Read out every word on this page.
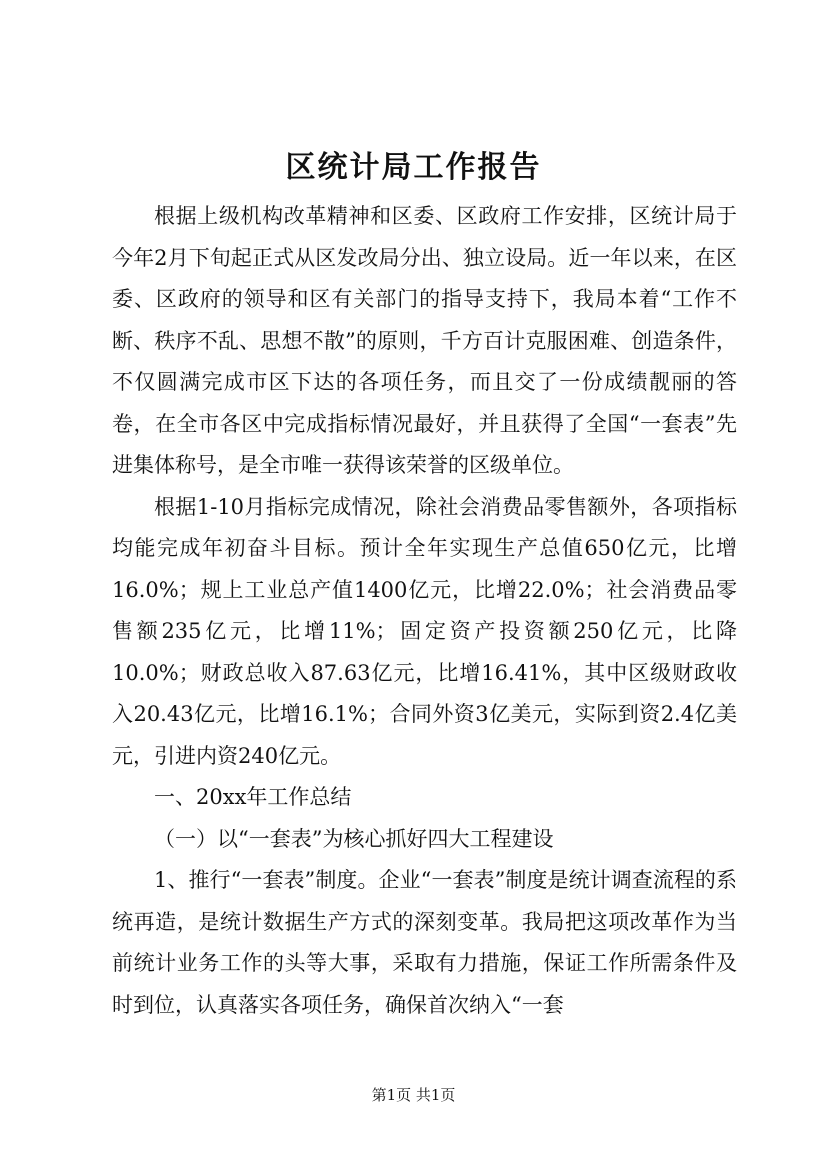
区统计局工作报告

根据上级机构改革精神和区委、区政府工作安排，区统计局于今年2月下旬起正式从区发改局分出、独立设局。近一年以来，在区委、区政府的领导和区有关部门的指导支持下，我局本着“工作不断、秩序不乱、思想不散”的原则，千方百计克服困难、创造条件，不仅圆满完成市区下达的各项任务，而且交了一份成绩靓丽的答卷，在全市各区中完成指标情况最好，并且获得了全国“一套表”先进集体称号，是全市唯一获得该荣誉的区级单位。

根据1-10月指标完成情况，除社会消费品零售额外，各项指标均能完成年初奋斗目标。预计全年实现生产总值650亿元，比增16.0%；规上工业总产值1400亿元，比增22.0%；社会消费品零售额235亿元，比增11%；固定资产投资额250亿元，比降10.0%；财政总收入87.63亿元，比增16.41%，其中区级财政收入20.43亿元，比增16.1%；合同外资3亿美元，实际到资2.4亿美元，引进内资240亿元。

一、20xx年工作总结

（一）以“一套表”为核心抓好四大工程建设

1、推行“一套表”制度。企业“一套表”制度是统计调查流程的系统再造，是统计数据生产方式的深刻变革。我局把这项改革作为当前统计业务工作的头等大事，采取有力措施，保证工作所需条件及时到位，认真落实各项任务，确保首次纳入“一套

第1页 共1页
